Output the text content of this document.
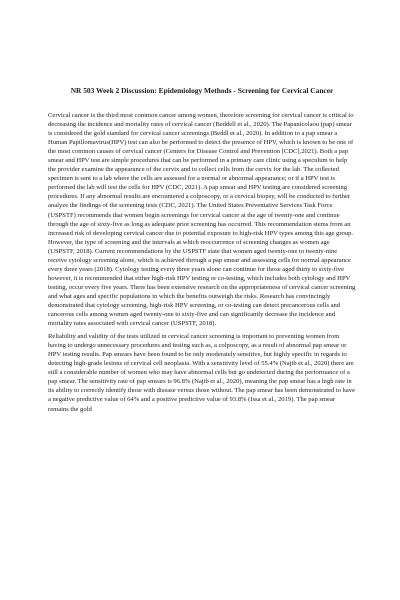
NR 503 Week 2 Discussion: Epidemiology Methods - Screening for Cervical Cancer

Cervical cancer is the third most common cancer among women, therefore screening for cervical cancer is critical to decreasing the incidence and mortality rates of cervical cancer (Beddell et al., 2020). The Papanicolaou (pap) smear is considered the gold standard for cervical cancer screenings (Beddl et al., 2020). In addition to a pap smear a Human Papillomavirus(HPV) test can also be performed to detect the presence of HPV, which is known to be one of the most common causes of cervical cancer (Centers for Disease Control and Prevention [CDC],2021). Both a pap smear and HPV test are simple procedures that can be performed in a primary care clinic using a speculum to help the provider examine the appearance of the cervix and to collect cells from the cervix for the lab. The collected specimen is sent to a lab where the cells are assessed for a normal or abnormal appearance; or if a HPV test is performed the lab will test the cells for HPV (CDC, 2021). A pap smear and HPV testing are considered screening procedures. If any abnormal results are encountered a colposcopy, or a cervical biopsy, will be conducted to further analyze the findings of the screening tests (CDC, 2021). The United States Preventative Services Task Force (USPSTF) recommends that women begin screenings for cervical cancer at the age of twenty-one and continue through the age of sixty-five as long as adequate prior screening has occurred. This recommendation stems from an increased risk of developing cervical cancer due to potential exposure to high-risk HPV types among this age group. However, the type of screening and the intervals at which reoccurrence of screening changes as women age (USPSTF, 2018). Current recommendations by the USPSTF state that women aged twenty-one to twenty-nine receive cytology screening alone, which is achieved through a pap smear and assessing cells for normal appearance every three years (2018). Cytology testing every three years alone can continue for those aged thirty to sixty-five however, it is recommended that either high-risk HPV testing or co-testing, which includes both cytology and HPV testing, occur every five years. There has been extensive research on the appropriateness of cervical cancer screening and what ages and specific populations in which the benefits outweigh the risks. Research has convincingly demonstrated that cytology screening, high-risk HPV screening, or co-testing can detect precancerous cells and cancerous cells among women aged twenty-one to sixty-five and can significantly decrease the incidence and mortality rates associated with cervical cancer (USPSTF, 2018).

Reliability and validity of the tests utilized in cervical cancer screening is important to preventing women from having to undergo unnecessary procedures and testing such as, a colposcopy, as a result of abnormal pap smear or HPV testing results. Pap smears have been found to be only moderately sensitive, but highly specific in regards to detecting high-grade lesions of cervical cell neoplasia. With a sensitivity level of 55.4% (Najib et al., 2020) there are still a considerable number of women who may have abnormal cells but go undetected during the performance of a pap smear. The sensitivity rate of pap smears is 96.8% (Najib et al., 2020), meaning the pap smear has a high rate in its ability to correctly identify those with disease versus those without. The pap smear has been demonstrated to have a negative predictive value of 64% and a positive predictive value of 93.8% (Issa et al., 2019). The pap smear remains the gold
